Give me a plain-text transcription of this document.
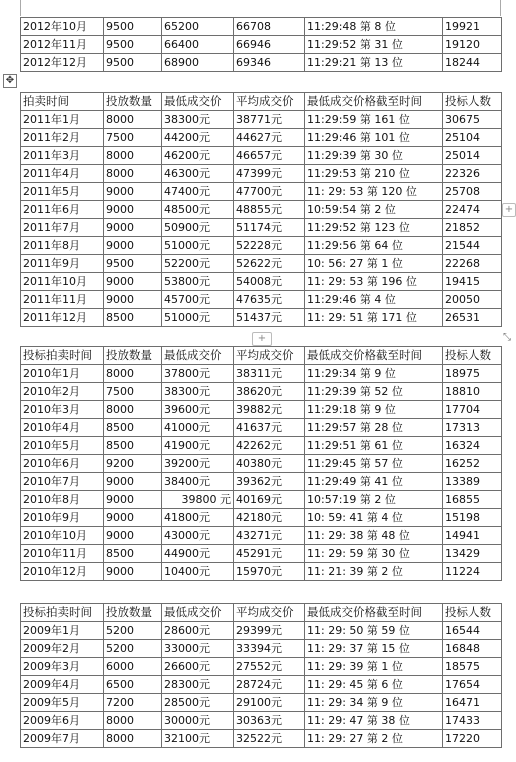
✥
+
+	⤡
2012年10月	9500	65200	66708	11:29:48 第 8 位	19921
2012年11月	9500	66400	66946	11:29:52 第 31 位	19120
2012年12月	9500	68900	69346	11:29:21 第 13 位	18244
拍卖时间	投放数量	最低成交价	平均成交价	最低成交价格截至时间	投标人数
2011年1月	8000	38300元	38771元	11:29:59 第 161 位	30675
2011年2月	7500	44200元	44627元	11:29:46 第 101 位	25104
2011年3月	8000	46200元	46657元	11:29:39 第 30 位	25014
2011年4月	8000	46300元	47399元	11:29:53 第 210 位	22326
2011年5月	9000	47400元	47700元	11: 29: 53 第 120 位	25708
2011年6月	9000	48500元	48855元	10:59:54 第 2 位	22474
2011年7月	9000	50900元	51174元	11:29:52 第 123 位	21852
2011年8月	9000	51000元	52228元	11:29:56 第 64 位	21544
2011年9月	9500	52200元	52622元	10: 56: 27 第 1 位	22268
2011年10月	9000	53800元	54008元	11: 29: 53 第 196 位	19415
2011年11月	9000	45700元	47635元	11:29:46 第 4 位	20050
2011年12月	8500	51000元	51437元	11: 29: 51 第 171 位	26531
投标拍卖时间	投放数量	最低成交价	平均成交价	最低成交价格截至时间	投标人数
2010年1月	8000	37800元	38311元	11:29:34 第 9 位	18975
2010年2月	7500	38300元	38620元	11:29:39 第 52 位	18810
2010年3月	8000	39600元	39882元	11:29:18 第 9 位	17704
2010年4月	8500	41000元	41637元	11:29:57 第 28 位	17313
2010年5月	8500	41900元	42262元	11:29:51 第 61 位	16324
2010年6月	9200	39200元	40380元	11:29:45 第 57 位	16252
2010年7月	9000	38400元	39362元	11:29:49 第 41 位	13389
2010年8月	9000	39800 元	40169元	10:57:19 第 2 位	16855
2010年9月	9000	41800元	42180元	10: 59: 41 第 4 位	15198
2010年10月	9000	43000元	43271元	11: 29: 38 第 48 位	14941
2010年11月	8500	44900元	45291元	11: 29: 59 第 30 位	13429
2010年12月	9000	10400元	15970元	11: 21: 39 第 2 位	11224
投标拍卖时间	投放数量	最低成交价	平均成交价	最低成交价格截至时间	投标人数
2009年1月	5200	28600元	29399元	11: 29: 50 第 59 位	16544
2009年2月	5200	33000元	33394元	11: 29: 37 第 15 位	16848
2009年3月	6000	26600元	27552元	11: 29: 39 第 1 位	18575
2009年4月	6500	28300元	28724元	11: 29: 45 第 6 位	17654
2009年5月	7200	28500元	29100元	11: 29: 34 第 9 位	16471
2009年6月	8000	30000元	30363元	11: 29: 47 第 38 位	17433
2009年7月	8000	32100元	32522元	11: 29: 27 第 2 位	17220
